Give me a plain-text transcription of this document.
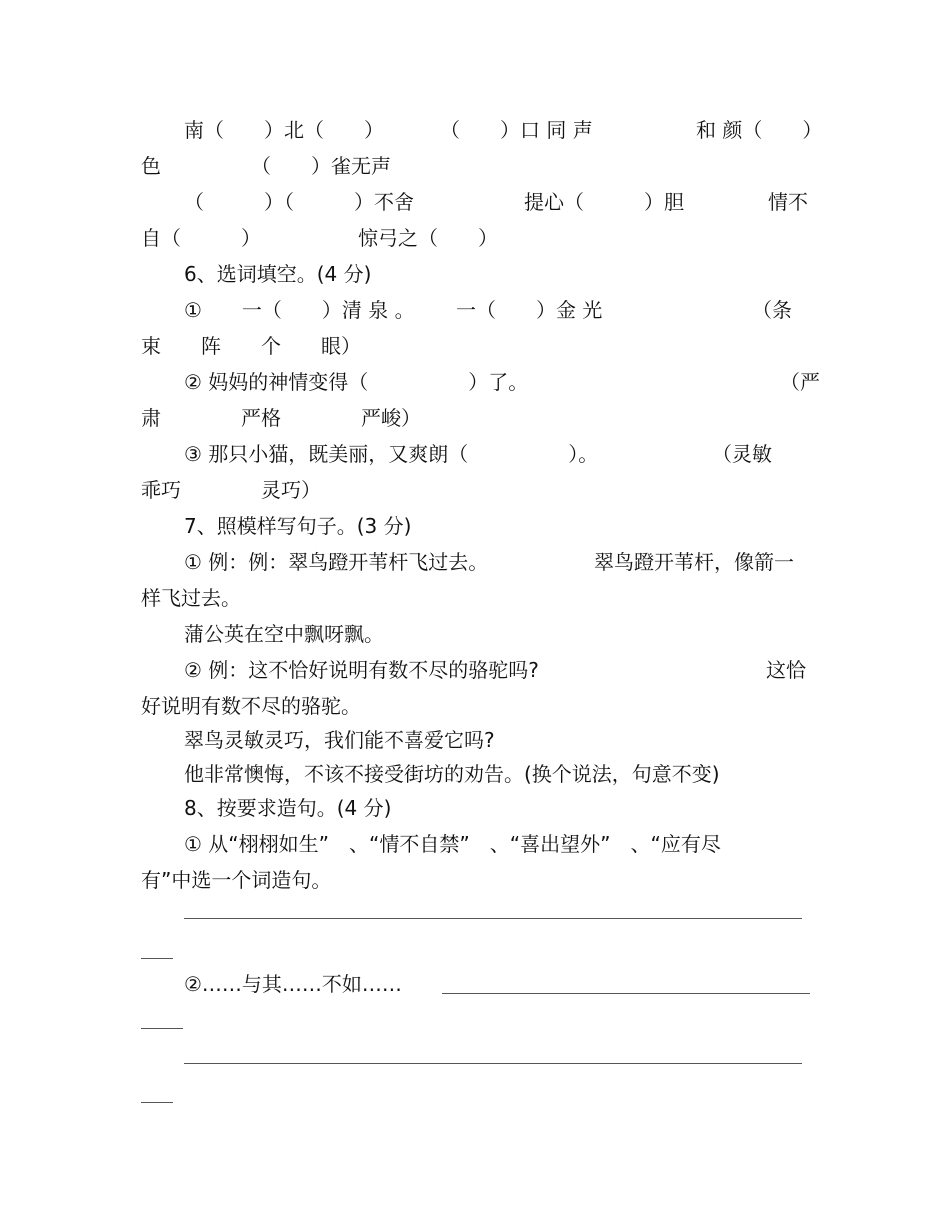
南（　　）北（　　）	（　　）口 同 声	和 颜（　　）
色　　　　　（　　）雀无声
（　　　）（　　　）不舍	提心（　　　）胆	情不
自（　　　）	惊弓之（　　）
6、选词填空。(4 分)
①　　一（　　）清 泉 。 一（　　）金 光	（条
束　　阵　　个　　眼）
② 妈妈的神情变得（　　　　　）了。	（严
肃　　　　严格　　　　严峻）
③ 那只小猫，既美丽，又爽朗（　　　　　）。	（灵敏
乖巧　　　　灵巧）
7、照模样写句子。(3 分)
① 例：例：翠鸟蹬开苇杆飞过去。	翠鸟蹬开苇杆，像箭一
样飞过去。
蒲公英在空中飘呀飘。
② 例：这不恰好说明有数不尽的骆驼吗?	这恰
好说明有数不尽的骆驼。
翠鸟灵敏灵巧，我们能不喜爱它吗?
他非常懊悔，不该不接受街坊的劝告。(换个说法，句意不变)
8、按要求造句。(4 分)
① 从“栩栩如生”　、“情不自禁”　、“喜出望外”　、“应有尽
有”中选一个词造句。
②……与其……不如……
